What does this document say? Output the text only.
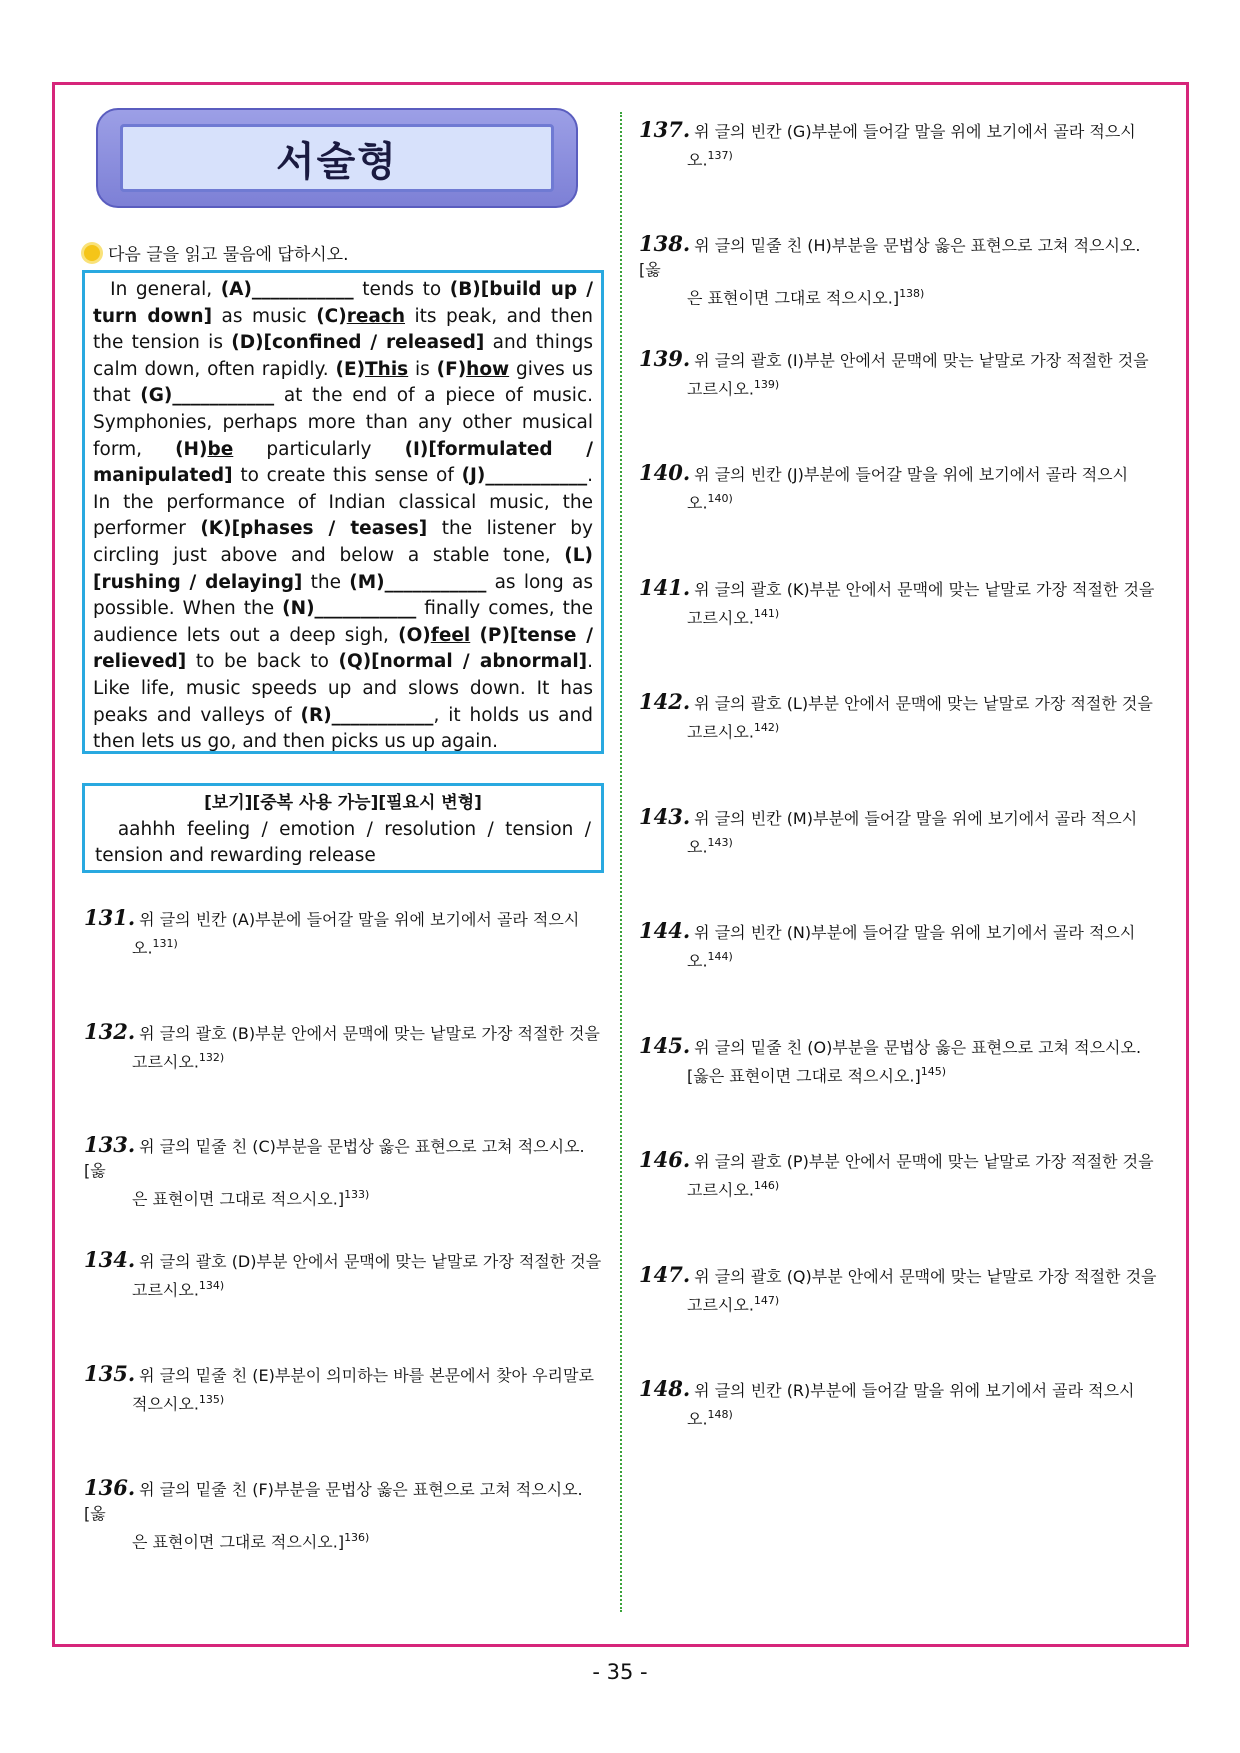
서술형
다음 글을 읽고 물음에 답하시오.
In general, (A)___________ tends to (B)[build up / turn down] as music (C)reach its peak, and then the tension is (D)[confined / released] and things calm down, often rapidly. (E)This is (F)how gives us that (G)___________ at the end of a piece of music. Symphonies, perhaps more than any other musical form, (H)be particularly (I)[formulated / manipulated] to create this sense of (J)___________. In the performance of Indian classical music, the performer (K)[phases / teases] the listener by circling just above and below a stable tone, (L)[rushing / delaying] the (M)___________ as long as possible. When the (N)___________ finally comes, the audience lets out a deep sigh, (O)feel (P)[tense / relieved] to be back to (Q)[normal / abnormal]. Like life, music speeds up and slows down. It has peaks and valleys of (R)___________, it holds us and then lets us go, and then picks us up again.
[보기][중복 사용 가능][필요시 변형]
aahhh feeling / emotion / resolution / tension / tension and rewarding release
131. 위 글의 빈칸 (A)부분에 들어갈 말을 위에 보기에서 골라 적으시
오.$^{131)}$
132. 위 글의 괄호 (B)부분 안에서 문맥에 맞는 낱말로 가장 적절한 것을
고르시오.$^{132)}$
133. 위 글의 밑줄 친 (C)부분을 문법상 옳은 표현으로 고쳐 적으시오.[옳
은 표현이면 그대로 적으시오.]$^{133)}$
134. 위 글의 괄호 (D)부분 안에서 문맥에 맞는 낱말로 가장 적절한 것을
고르시오.$^{134)}$
135. 위 글의 밑줄 친 (E)부분이 의미하는 바를 본문에서 찾아 우리말로
적으시오.$^{135)}$
136. 위 글의 밑줄 친 (F)부분을 문법상 옳은 표현으로 고쳐 적으시오.[옳
은 표현이면 그대로 적으시오.]$^{136)}$
137. 위 글의 빈칸 (G)부분에 들어갈 말을 위에 보기에서 골라 적으시
오.$^{137)}$
138. 위 글의 밑줄 친 (H)부분을 문법상 옳은 표현으로 고쳐 적으시오.[옳
은 표현이면 그대로 적으시오.]$^{138)}$
139. 위 글의 괄호 (I)부분 안에서 문맥에 맞는 낱말로 가장 적절한 것을
고르시오.$^{139)}$
140. 위 글의 빈칸 (J)부분에 들어갈 말을 위에 보기에서 골라 적으시
오.$^{140)}$
141. 위 글의 괄호 (K)부분 안에서 문맥에 맞는 낱말로 가장 적절한 것을
고르시오.$^{141)}$
142. 위 글의 괄호 (L)부분 안에서 문맥에 맞는 낱말로 가장 적절한 것을
고르시오.$^{142)}$
143. 위 글의 빈칸 (M)부분에 들어갈 말을 위에 보기에서 골라 적으시
오.$^{143)}$
144. 위 글의 빈칸 (N)부분에 들어갈 말을 위에 보기에서 골라 적으시
오.$^{144)}$
145. 위 글의 밑줄 친 (O)부분을 문법상 옳은 표현으로 고쳐 적으시오.
[옳은 표현이면 그대로 적으시오.]$^{145)}$
146. 위 글의 괄호 (P)부분 안에서 문맥에 맞는 낱말로 가장 적절한 것을
고르시오.$^{146)}$
147. 위 글의 괄호 (Q)부분 안에서 문맥에 맞는 낱말로 가장 적절한 것을
고르시오.$^{147)}$
148. 위 글의 빈칸 (R)부분에 들어갈 말을 위에 보기에서 골라 적으시
오.$^{148)}$
- 35 -
